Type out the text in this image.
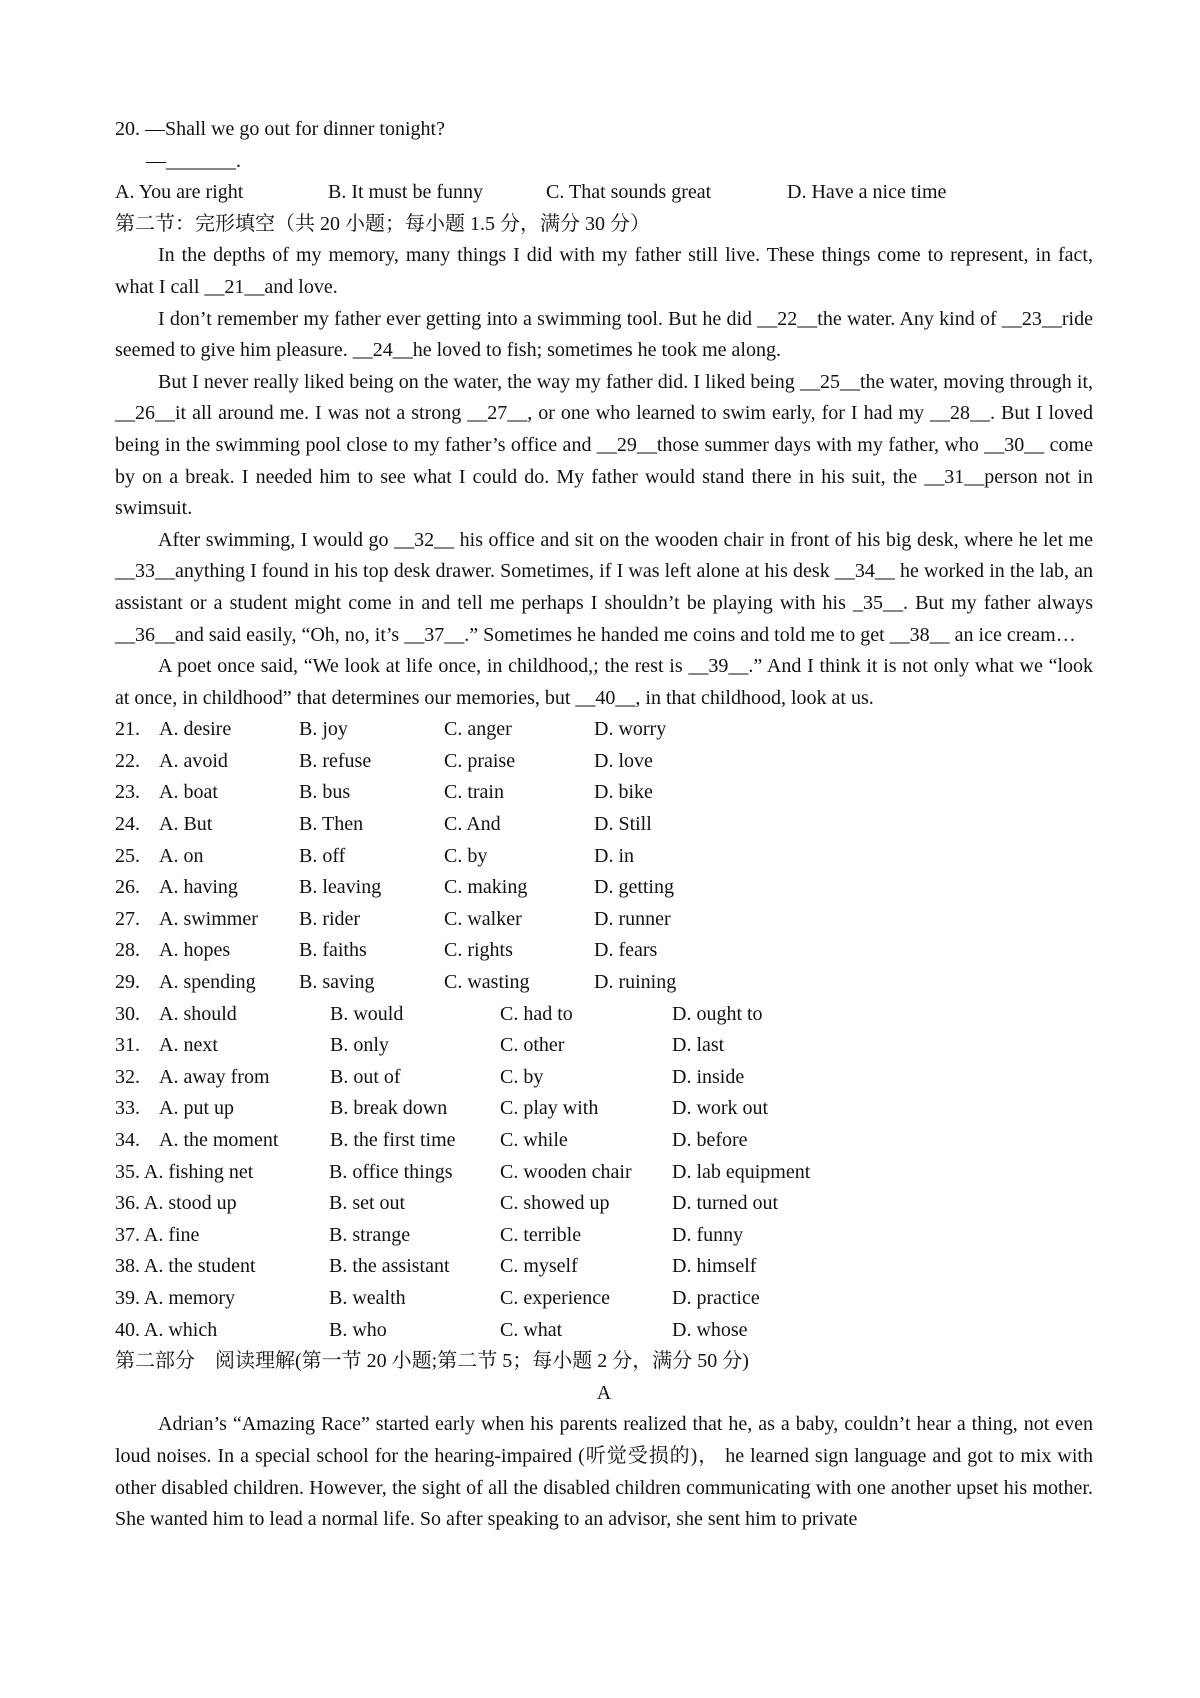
20. —Shall we go out for dinner tonight?
—_______.
A. You are right	B. It must be funny	C. That sounds great	D. Have a nice time
第二节：完形填空（共 20 小题；每小题 1.5 分，满分 30 分）
In the depths of my memory, many things I did with my father still live. These things come to represent, in fact, what I call __21__and love.
I don’t remember my father ever getting into a swimming tool. But he did __22__the water. Any kind of __23__ride seemed to give him pleasure. __24__he loved to fish; sometimes he took me along.
But I never really liked being on the water, the way my father did. I liked being __25__the water, moving through it, __26__it all around me. I was not a strong __27__, or one who learned to swim early, for I had my __28__. But I loved being in the swimming pool close to my father’s office and __29__those summer days with my father, who __30__ come by on a break. I needed him to see what I could do. My father would stand there in his suit, the __31__person not in swimsuit.
After swimming, I would go __32__ his office and sit on the wooden chair in front of his big desk, where he let me __33__anything I found in his top desk drawer. Sometimes, if I was left alone at his desk __34__ he worked in the lab, an assistant or a student might come in and tell me perhaps I shouldn’t be playing with his _35__. But my father always __36__and said easily, “Oh, no, it’s __37__.” Sometimes he handed me coins and told me to get __38__ an ice cream…
A poet once said, “We look at life once, in childhood,; the rest is __39__.” And I think it is not only what we “look at once, in childhood” that determines our memories, but __40__, in that childhood, look at us.
21. A. desire	B. joy	C. anger	D. worry
22. A. avoid	B. refuse	C. praise	D. love
23. A. boat	B. bus	C. train	D. bike
24. A. But	B. Then	C. And	D. Still
25. A. on	B. off	C. by	D. in
26. A. having	B. leaving	C. making	D. getting
27. A. swimmer	B. rider	C. walker	D. runner
28. A. hopes	B. faiths	C. rights	D. fears
29. A. spending	B. saving	C. wasting	D. ruining
30. A. should	B. would	C. had to	D. ought to
31. A. next	B. only	C. other	D. last
32. A. away from	B. out of	C. by	D. inside
33. A. put up	B. break down	C. play with	D. work out
34. A. the moment	B. the first time	C. while	D. before
35. A. fishing net	B. office things	C. wooden chair	D. lab equipment
36. A. stood up	B. set out	C. showed up	D. turned out
37. A. fine	B. strange	C. terrible	D. funny
38. A. the student	B. the assistant	C. myself	D. himself
39. A. memory	B. wealth	C. experience	D. practice
40. A. which	B. who	C. what	D. whose
第二部分　阅读理解(第一节 20 小题;第二节 5；每小题 2 分，满分 50 分)
A
Adrian’s “Amazing Race” started early when his parents realized that he, as a baby, couldn’t hear a thing, not even loud noises. In a special school for the hearing-impaired (听觉受损的)， he learned sign language and got to mix with other disabled children. However, the sight of all the disabled children communicating with one another upset his mother. She wanted him to lead a normal life. So after speaking to an advisor, she sent him to private
